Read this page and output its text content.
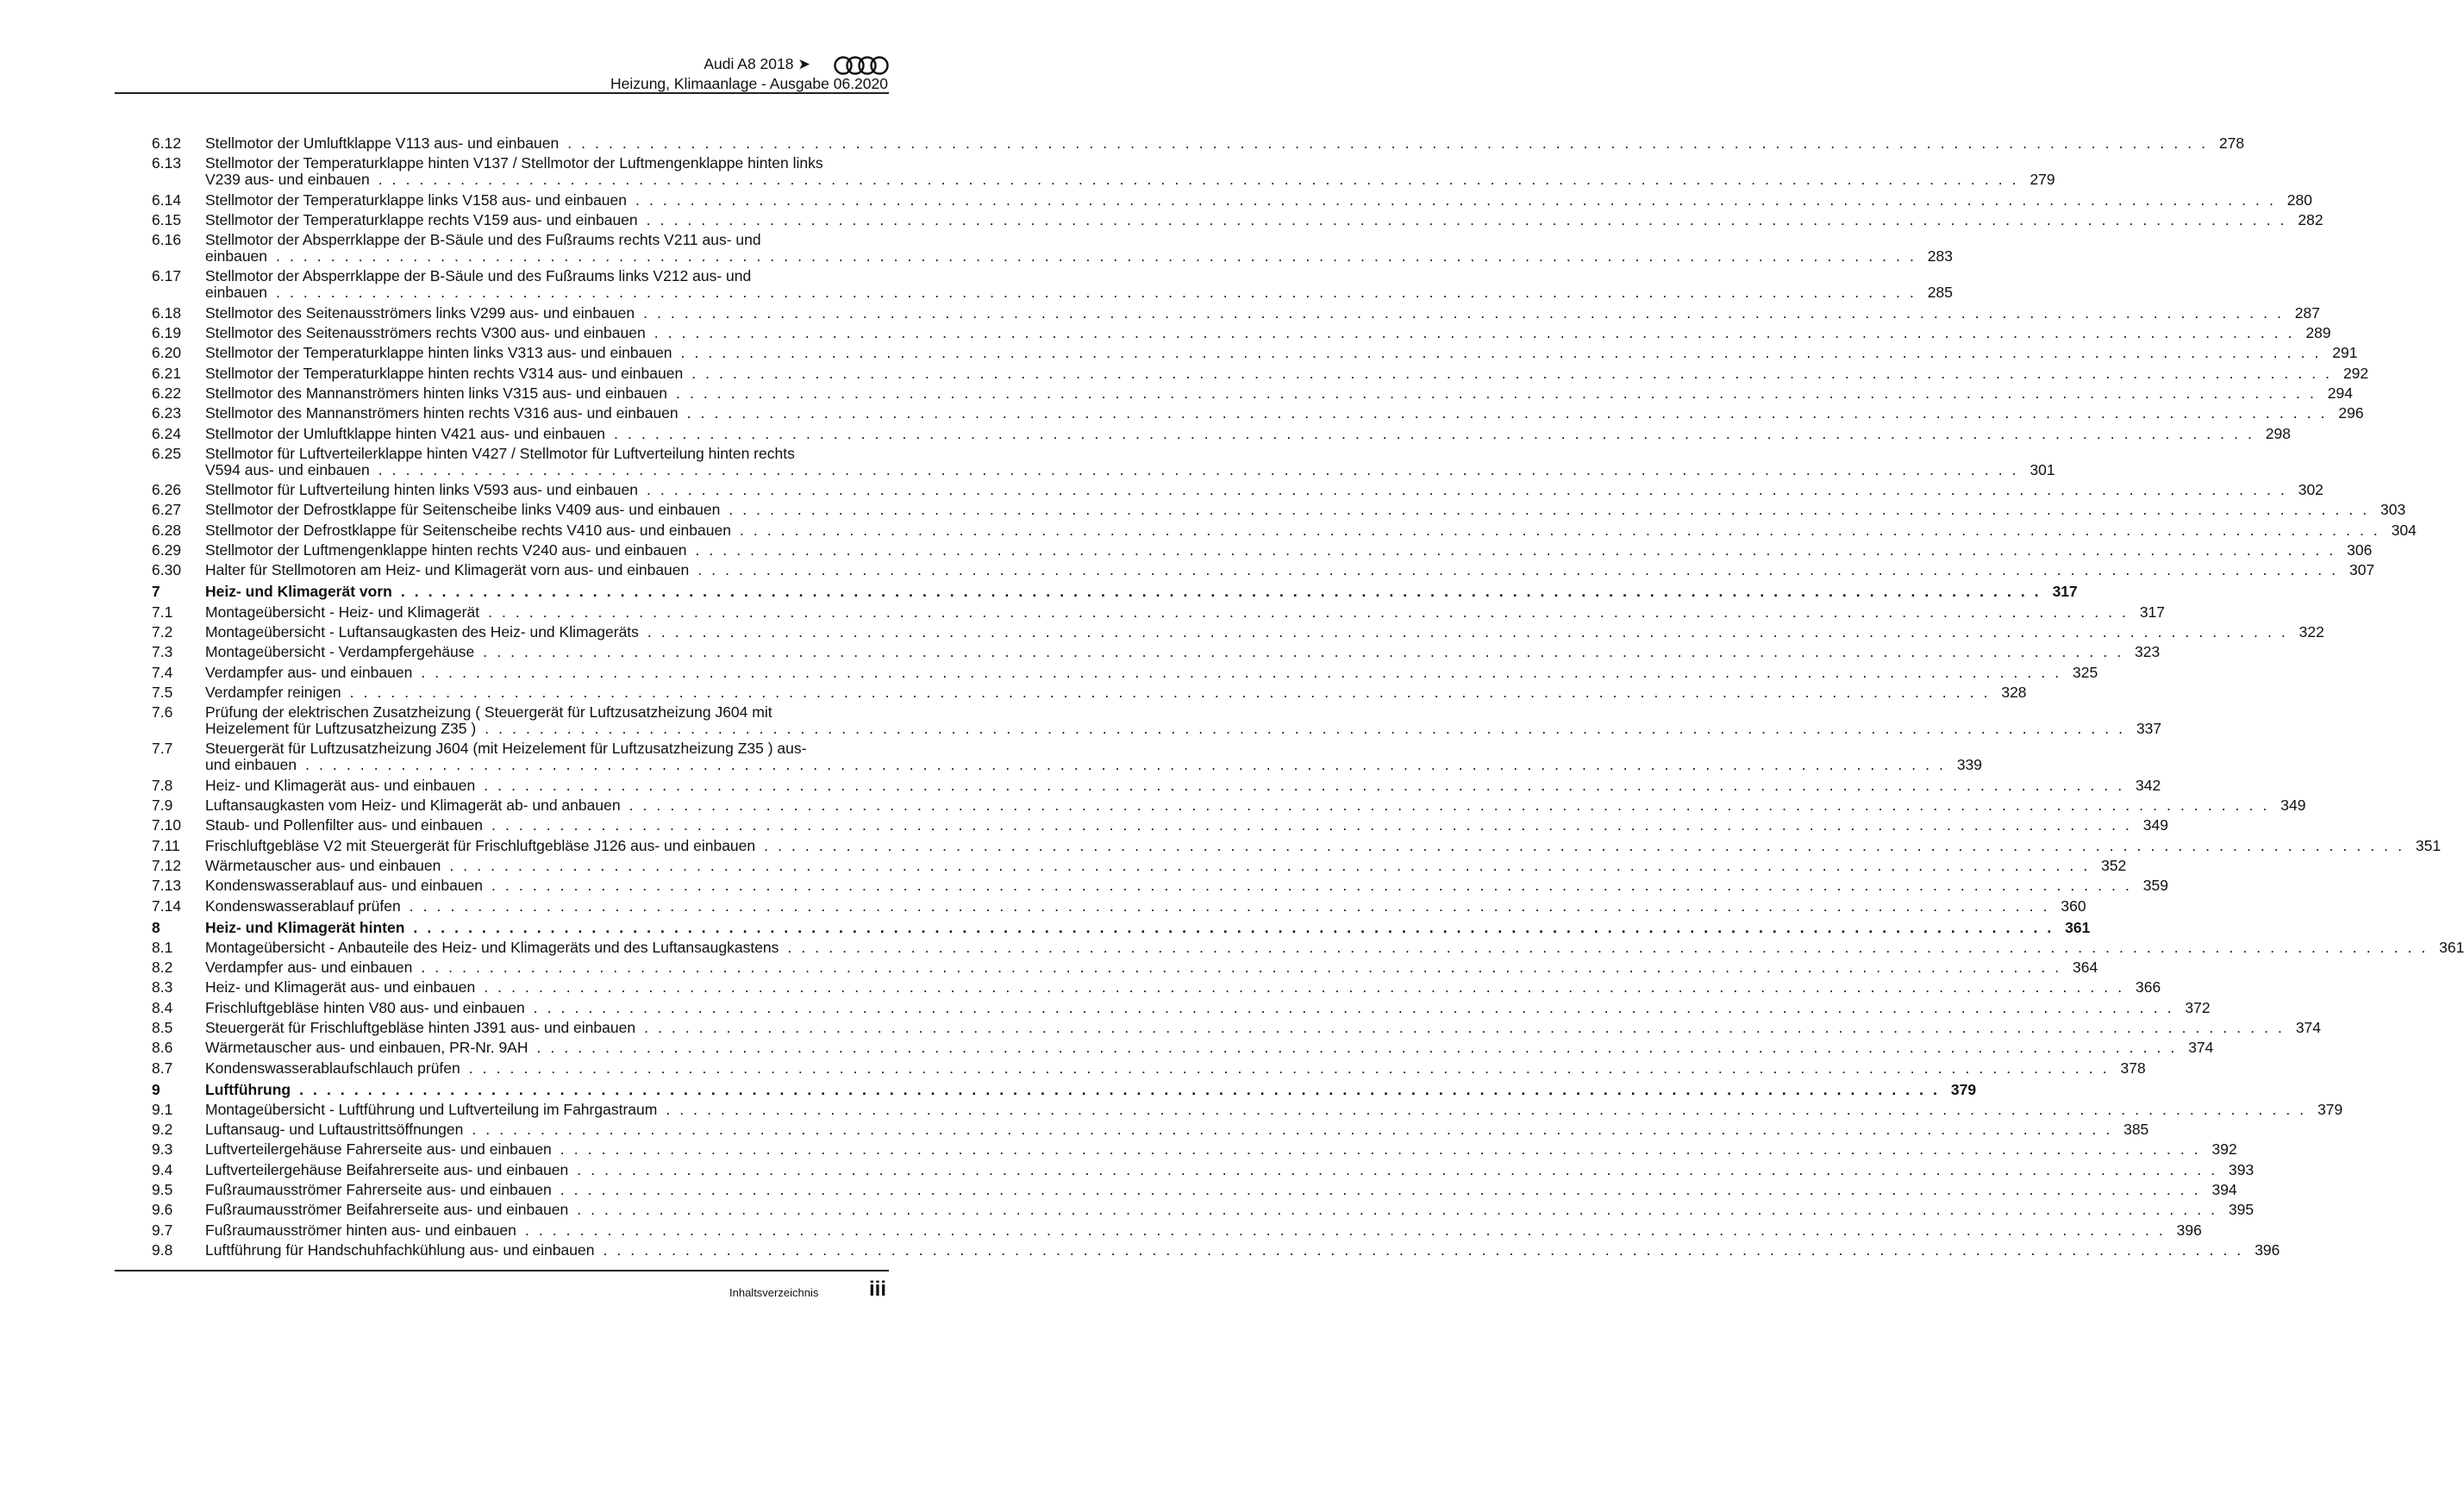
Audi A8 2018 ➤
Heizung, Klimaanlage - Ausgabe 06.2020
6.12 Stellmotor der Umluftklappe V113 aus- und einbauen . . . . . . . . . . . . . . . . . . . . . . . . . . . . . . . . . . . . . . . . . . . . . . . . . . . . . . . . . . . . . . . . . . . . . . . . . . . . . . . . . . . . . . . . . . . . . . . . . . . . . . . . . . . . . . . . . . . . . . . . 278
6.13 Stellmotor der Temperaturklappe hinten V137 / Stellmotor der Luftmengenklappe hinten links
V239 aus- und einbauen . . . . . . . . . . . . . . . . . . . . . . . . . . . . . . . . . . . . . . . . . . . . . . . . . . . . . . . . . . . . . . . . . . . . . . . . . . . . . . . . . . . . . . . . . . . . . . . . . . . . . . . . . . . . . . . . . . . . . . . . 279
6.14 Stellmotor der Temperaturklappe links V158 aus- und einbauen . . . . . . . . . . . . . . . . . . . . . . . . . . . . . . . . . . . . . . . . . . . . . . . . . . . . . . . . . . . . . . . . . . . . . . . . . . . . . . . . . . . . . . . . . . . . . . . . . . . . . . . . . . . . . . . . . . . . . . . . 280
6.15 Stellmotor der Temperaturklappe rechts V159 aus- und einbauen . . . . . . . . . . . . . . . . . . . . . . . . . . . . . . . . . . . . . . . . . . . . . . . . . . . . . . . . . . . . . . . . . . . . . . . . . . . . . . . . . . . . . . . . . . . . . . . . . . . . . . . . . . . . . . . . . . . . . . . . 282
6.16 Stellmotor der Absperrklappe der B-Säule und des Fußraums rechts V211 aus- und
einbauen . . . . . . . . . . . . . . . . . . . . . . . . . . . . . . . . . . . . . . . . . . . . . . . . . . . . . . . . . . . . . . . . . . . . . . . . . . . . . . . . . . . . . . . . . . . . . . . . . . . . . . . . . . . . . . . . . . . . . . . . 283
6.17 Stellmotor der Absperrklappe der B-Säule und des Fußraums links V212 aus- und
einbauen . . . . . . . . . . . . . . . . . . . . . . . . . . . . . . . . . . . . . . . . . . . . . . . . . . . . . . . . . . . . . . . . . . . . . . . . . . . . . . . . . . . . . . . . . . . . . . . . . . . . . . . . . . . . . . . . . . . . . . . . 285
6.18 Stellmotor des Seitenausströmers links V299 aus- und einbauen . . . . . . . . . . . . . . . . . . . . . . . . . . . . . . . . . . . . . . . . . . . . . . . . . . . . . . . . . . . . . . . . . . . . . . . . . . . . . . . . . . . . . . . . . . . . . . . . . . . . . . . . . . . . . . . . . . . . . . . . 287
6.19 Stellmotor des Seitenausströmers rechts V300 aus- und einbauen . . . . . . . . . . . . . . . . . . . . . . . . . . . . . . . . . . . . . . . . . . . . . . . . . . . . . . . . . . . . . . . . . . . . . . . . . . . . . . . . . . . . . . . . . . . . . . . . . . . . . . . . . . . . . . . . . . . . . . . . 289
6.20 Stellmotor der Temperaturklappe hinten links V313 aus- und einbauen . . . . . . . . . . . . . . . . . . . . . . . . . . . . . . . . . . . . . . . . . . . . . . . . . . . . . . . . . . . . . . . . . . . . . . . . . . . . . . . . . . . . . . . . . . . . . . . . . . . . . . . . . . . . . . . . . . . . . . . . 291
6.21 Stellmotor der Temperaturklappe hinten rechts V314 aus- und einbauen . . . . . . . . . . . . . . . . . . . . . . . . . . . . . . . . . . . . . . . . . . . . . . . . . . . . . . . . . . . . . . . . . . . . . . . . . . . . . . . . . . . . . . . . . . . . . . . . . . . . . . . . . . . . . . . . . . . . . . . . 292
6.22 Stellmotor des Mannanströmers hinten links V315 aus- und einbauen . . . . . . . . . . . . . . . . . . . . . . . . . . . . . . . . . . . . . . . . . . . . . . . . . . . . . . . . . . . . . . . . . . . . . . . . . . . . . . . . . . . . . . . . . . . . . . . . . . . . . . . . . . . . . . . . . . . . . . . . 294
6.23 Stellmotor des Mannanströmers hinten rechts V316 aus- und einbauen . . . . . . . . . . . . . . . . . . . . . . . . . . . . . . . . . . . . . . . . . . . . . . . . . . . . . . . . . . . . . . . . . . . . . . . . . . . . . . . . . . . . . . . . . . . . . . . . . . . . . . . . . . . . . . . . . . . . . . . . 296
6.24 Stellmotor der Umluftklappe hinten V421 aus- und einbauen . . . . . . . . . . . . . . . . . . . . . . . . . . . . . . . . . . . . . . . . . . . . . . . . . . . . . . . . . . . . . . . . . . . . . . . . . . . . . . . . . . . . . . . . . . . . . . . . . . . . . . . . . . . . . . . . . . . . . . . . 298
6.25 Stellmotor für Luftverteilerklappe hinten V427 / Stellmotor für Luftverteilung hinten rechts
V594 aus- und einbauen . . . . . . . . . . . . . . . . . . . . . . . . . . . . . . . . . . . . . . . . . . . . . . . . . . . . . . . . . . . . . . . . . . . . . . . . . . . . . . . . . . . . . . . . . . . . . . . . . . . . . . . . . . . . . . . . . . . . . . . . 301
6.26 Stellmotor für Luftverteilung hinten links V593 aus- und einbauen . . . . . . . . . . . . . . . . . . . . . . . . . . . . . . . . . . . . . . . . . . . . . . . . . . . . . . . . . . . . . . . . . . . . . . . . . . . . . . . . . . . . . . . . . . . . . . . . . . . . . . . . . . . . . . . . . . . . . . . . 302
6.27 Stellmotor der Defrostklappe für Seitenscheibe links V409 aus- und einbauen . . . . . . . . . . . . . . . . . . . . . . . . . . . . . . . . . . . . . . . . . . . . . . . . . . . . . . . . . . . . . . . . . . . . . . . . . . . . . . . . . . . . . . . . . . . . . . . . . . . . . . . . . . . . . . . . . . . . . . . . 303
6.28 Stellmotor der Defrostklappe für Seitenscheibe rechts V410 aus- und einbauen . . . . . . . . . . . . . . . . . . . . . . . . . . . . . . . . . . . . . . . . . . . . . . . . . . . . . . . . . . . . . . . . . . . . . . . . . . . . . . . . . . . . . . . . . . . . . . . . . . . . . . . . . . . . . . . . . . . . . . . . 304
6.29 Stellmotor der Luftmengenklappe hinten rechts V240 aus- und einbauen . . . . . . . . . . . . . . . . . . . . . . . . . . . . . . . . . . . . . . . . . . . . . . . . . . . . . . . . . . . . . . . . . . . . . . . . . . . . . . . . . . . . . . . . . . . . . . . . . . . . . . . . . . . . . . . . . . . . . . . . 306
6.30 Halter für Stellmotoren am Heiz- und Klimagerät vorn aus- und einbauen . . . . . . . . . . . . . . . . . . . . . . . . . . . . . . . . . . . . . . . . . . . . . . . . . . . . . . . . . . . . . . . . . . . . . . . . . . . . . . . . . . . . . . . . . . . . . . . . . . . . . . . . . . . . . . . . . . . . . . . . 307
7	Heiz- und Klimagerät vorn . . . . . . . . . . . . . . . . . . . . . . . . . . . . . . . . . . . . . . . . . . . . . . . . . . . . . . . . . . . . . . . . . . . . . . . . . . . . . . . . . . . . . . . . . . . . . . . . . . . . . . . . . . . . . . . . . . . . . . . . 317
7.1 Montageübersicht - Heiz- und Klimagerät . . . . . . . . . . . . . . . . . . . . . . . . . . . . . . . . . . . . . . . . . . . . . . . . . . . . . . . . . . . . . . . . . . . . . . . . . . . . . . . . . . . . . . . . . . . . . . . . . . . . . . . . . . . . . . . . . . . . . . . . 317
7.2 Montageübersicht - Luftansaugkasten des Heiz- und Klimageräts . . . . . . . . . . . . . . . . . . . . . . . . . . . . . . . . . . . . . . . . . . . . . . . . . . . . . . . . . . . . . . . . . . . . . . . . . . . . . . . . . . . . . . . . . . . . . . . . . . . . . . . . . . . . . . . . . . . . . . . . 322
7.3 Montageübersicht - Verdampfergehäuse . . . . . . . . . . . . . . . . . . . . . . . . . . . . . . . . . . . . . . . . . . . . . . . . . . . . . . . . . . . . . . . . . . . . . . . . . . . . . . . . . . . . . . . . . . . . . . . . . . . . . . . . . . . . . . . . . . . . . . . . 323
7.4 Verdampfer aus- und einbauen . . . . . . . . . . . . . . . . . . . . . . . . . . . . . . . . . . . . . . . . . . . . . . . . . . . . . . . . . . . . . . . . . . . . . . . . . . . . . . . . . . . . . . . . . . . . . . . . . . . . . . . . . . . . . . . . . . . . . . . . 325
7.5 Verdampfer reinigen . . . . . . . . . . . . . . . . . . . . . . . . . . . . . . . . . . . . . . . . . . . . . . . . . . . . . . . . . . . . . . . . . . . . . . . . . . . . . . . . . . . . . . . . . . . . . . . . . . . . . . . . . . . . . . . . . . . . . . . . 328
7.6 Prüfung der elektrischen Zusatzheizung ( Steuergerät für Luftzusatzheizung J604 mit
Heizelement für Luftzusatzheizung Z35 ) . . . . . . . . . . . . . . . . . . . . . . . . . . . . . . . . . . . . . . . . . . . . . . . . . . . . . . . . . . . . . . . . . . . . . . . . . . . . . . . . . . . . . . . . . . . . . . . . . . . . . . . . . . . . . . . . . . . . . . . . 337
7.7 Steuergerät für Luftzusatzheizung J604 (mit Heizelement für Luftzusatzheizung Z35 ) aus-
und einbauen . . . . . . . . . . . . . . . . . . . . . . . . . . . . . . . . . . . . . . . . . . . . . . . . . . . . . . . . . . . . . . . . . . . . . . . . . . . . . . . . . . . . . . . . . . . . . . . . . . . . . . . . . . . . . . . . . . . . . . . . 339
7.8 Heiz- und Klimagerät aus- und einbauen . . . . . . . . . . . . . . . . . . . . . . . . . . . . . . . . . . . . . . . . . . . . . . . . . . . . . . . . . . . . . . . . . . . . . . . . . . . . . . . . . . . . . . . . . . . . . . . . . . . . . . . . . . . . . . . . . . . . . . . . 342
7.9 Luftansaugkasten vom Heiz- und Klimagerät ab- und anbauen . . . . . . . . . . . . . . . . . . . . . . . . . . . . . . . . . . . . . . . . . . . . . . . . . . . . . . . . . . . . . . . . . . . . . . . . . . . . . . . . . . . . . . . . . . . . . . . . . . . . . . . . . . . . . . . . . . . . . . . . 349
7.10 Staub- und Pollenfilter aus- und einbauen . . . . . . . . . . . . . . . . . . . . . . . . . . . . . . . . . . . . . . . . . . . . . . . . . . . . . . . . . . . . . . . . . . . . . . . . . . . . . . . . . . . . . . . . . . . . . . . . . . . . . . . . . . . . . . . . . . . . . . . . 349
7.11 Frischluftgebläse V2 mit Steuergerät für Frischluftgebläse J126 aus- und einbauen . . . . . . . . . . . . . . . . . . . . . . . . . . . . . . . . . . . . . . . . . . . . . . . . . . . . . . . . . . . . . . . . . . . . . . . . . . . . . . . . . . . . . . . . . . . . . . . . . . . . . . . . . . . . . . . . . . . . . . . . 351
7.12 Wärmetauscher aus- und einbauen . . . . . . . . . . . . . . . . . . . . . . . . . . . . . . . . . . . . . . . . . . . . . . . . . . . . . . . . . . . . . . . . . . . . . . . . . . . . . . . . . . . . . . . . . . . . . . . . . . . . . . . . . . . . . . . . . . . . . . . . 352
7.13 Kondenswasserablauf aus- und einbauen . . . . . . . . . . . . . . . . . . . . . . . . . . . . . . . . . . . . . . . . . . . . . . . . . . . . . . . . . . . . . . . . . . . . . . . . . . . . . . . . . . . . . . . . . . . . . . . . . . . . . . . . . . . . . . . . . . . . . . . . 359
7.14 Kondenswasserablauf prüfen . . . . . . . . . . . . . . . . . . . . . . . . . . . . . . . . . . . . . . . . . . . . . . . . . . . . . . . . . . . . . . . . . . . . . . . . . . . . . . . . . . . . . . . . . . . . . . . . . . . . . . . . . . . . . . . . . . . . . . . . 360
8	Heiz- und Klimagerät hinten . . . . . . . . . . . . . . . . . . . . . . . . . . . . . . . . . . . . . . . . . . . . . . . . . . . . . . . . . . . . . . . . . . . . . . . . . . . . . . . . . . . . . . . . . . . . . . . . . . . . . . . . . . . . . . . . . . . . . . . . 361
8.1 Montageübersicht - Anbauteile des Heiz- und Klimageräts und des Luftansaugkastens . . . . . . . . . . . . . . . . . . . . . . . . . . . . . . . . . . . . . . . . . . . . . . . . . . . . . . . . . . . . . . . . . . . . . . . . . . . . . . . . . . . . . . . . . . . . . . . . . . . . . . . . . . . . . . . . . . . . . . . . 361
8.2 Verdampfer aus- und einbauen . . . . . . . . . . . . . . . . . . . . . . . . . . . . . . . . . . . . . . . . . . . . . . . . . . . . . . . . . . . . . . . . . . . . . . . . . . . . . . . . . . . . . . . . . . . . . . . . . . . . . . . . . . . . . . . . . . . . . . . . 364
8.3 Heiz- und Klimagerät aus- und einbauen . . . . . . . . . . . . . . . . . . . . . . . . . . . . . . . . . . . . . . . . . . . . . . . . . . . . . . . . . . . . . . . . . . . . . . . . . . . . . . . . . . . . . . . . . . . . . . . . . . . . . . . . . . . . . . . . . . . . . . . . 366
8.4 Frischluftgebläse hinten V80 aus- und einbauen . . . . . . . . . . . . . . . . . . . . . . . . . . . . . . . . . . . . . . . . . . . . . . . . . . . . . . . . . . . . . . . . . . . . . . . . . . . . . . . . . . . . . . . . . . . . . . . . . . . . . . . . . . . . . . . . . . . . . . . . 372
8.5 Steuergerät für Frischluftgebläse hinten J391 aus- und einbauen . . . . . . . . . . . . . . . . . . . . . . . . . . . . . . . . . . . . . . . . . . . . . . . . . . . . . . . . . . . . . . . . . . . . . . . . . . . . . . . . . . . . . . . . . . . . . . . . . . . . . . . . . . . . . . . . . . . . . . . . 374
8.6 Wärmetauscher aus- und einbauen, PR-Nr. 9AH . . . . . . . . . . . . . . . . . . . . . . . . . . . . . . . . . . . . . . . . . . . . . . . . . . . . . . . . . . . . . . . . . . . . . . . . . . . . . . . . . . . . . . . . . . . . . . . . . . . . . . . . . . . . . . . . . . . . . . . . 374
8.7 Kondenswasserablaufschlauch prüfen . . . . . . . . . . . . . . . . . . . . . . . . . . . . . . . . . . . . . . . . . . . . . . . . . . . . . . . . . . . . . . . . . . . . . . . . . . . . . . . . . . . . . . . . . . . . . . . . . . . . . . . . . . . . . . . . . . . . . . . . 378
9	Luftführung . . . . . . . . . . . . . . . . . . . . . . . . . . . . . . . . . . . . . . . . . . . . . . . . . . . . . . . . . . . . . . . . . . . . . . . . . . . . . . . . . . . . . . . . . . . . . . . . . . . . . . . . . . . . . . . . . . . . . . . . 379
9.1 Montageübersicht - Luftführung und Luftverteilung im Fahrgastraum . . . . . . . . . . . . . . . . . . . . . . . . . . . . . . . . . . . . . . . . . . . . . . . . . . . . . . . . . . . . . . . . . . . . . . . . . . . . . . . . . . . . . . . . . . . . . . . . . . . . . . . . . . . . . . . . . . . . . . . . 379
9.2 Luftansaug- und Luftaustrittsöffnungen . . . . . . . . . . . . . . . . . . . . . . . . . . . . . . . . . . . . . . . . . . . . . . . . . . . . . . . . . . . . . . . . . . . . . . . . . . . . . . . . . . . . . . . . . . . . . . . . . . . . . . . . . . . . . . . . . . . . . . . . 385
9.3 Luftverteilergehäuse Fahrerseite aus- und einbauen . . . . . . . . . . . . . . . . . . . . . . . . . . . . . . . . . . . . . . . . . . . . . . . . . . . . . . . . . . . . . . . . . . . . . . . . . . . . . . . . . . . . . . . . . . . . . . . . . . . . . . . . . . . . . . . . . . . . . . . . 392
9.4 Luftverteilergehäuse Beifahrerseite aus- und einbauen . . . . . . . . . . . . . . . . . . . . . . . . . . . . . . . . . . . . . . . . . . . . . . . . . . . . . . . . . . . . . . . . . . . . . . . . . . . . . . . . . . . . . . . . . . . . . . . . . . . . . . . . . . . . . . . . . . . . . . . . 393
9.5 Fußraumausströmer Fahrerseite aus- und einbauen . . . . . . . . . . . . . . . . . . . . . . . . . . . . . . . . . . . . . . . . . . . . . . . . . . . . . . . . . . . . . . . . . . . . . . . . . . . . . . . . . . . . . . . . . . . . . . . . . . . . . . . . . . . . . . . . . . . . . . . . 394
9.6 Fußraumausströmer Beifahrerseite aus- und einbauen . . . . . . . . . . . . . . . . . . . . . . . . . . . . . . . . . . . . . . . . . . . . . . . . . . . . . . . . . . . . . . . . . . . . . . . . . . . . . . . . . . . . . . . . . . . . . . . . . . . . . . . . . . . . . . . . . . . . . . . . 395
9.7 Fußraumausströmer hinten aus- und einbauen . . . . . . . . . . . . . . . . . . . . . . . . . . . . . . . . . . . . . . . . . . . . . . . . . . . . . . . . . . . . . . . . . . . . . . . . . . . . . . . . . . . . . . . . . . . . . . . . . . . . . . . . . . . . . . . . . . . . . . . . 396
9.8 Luftführung für Handschuhfachkühlung aus- und einbauen . . . . . . . . . . . . . . . . . . . . . . . . . . . . . . . . . . . . . . . . . . . . . . . . . . . . . . . . . . . . . . . . . . . . . . . . . . . . . . . . . . . . . . . . . . . . . . . . . . . . . . . . . . . . . . . . . . . . . . . . 396
Inhaltsverzeichnis iii
